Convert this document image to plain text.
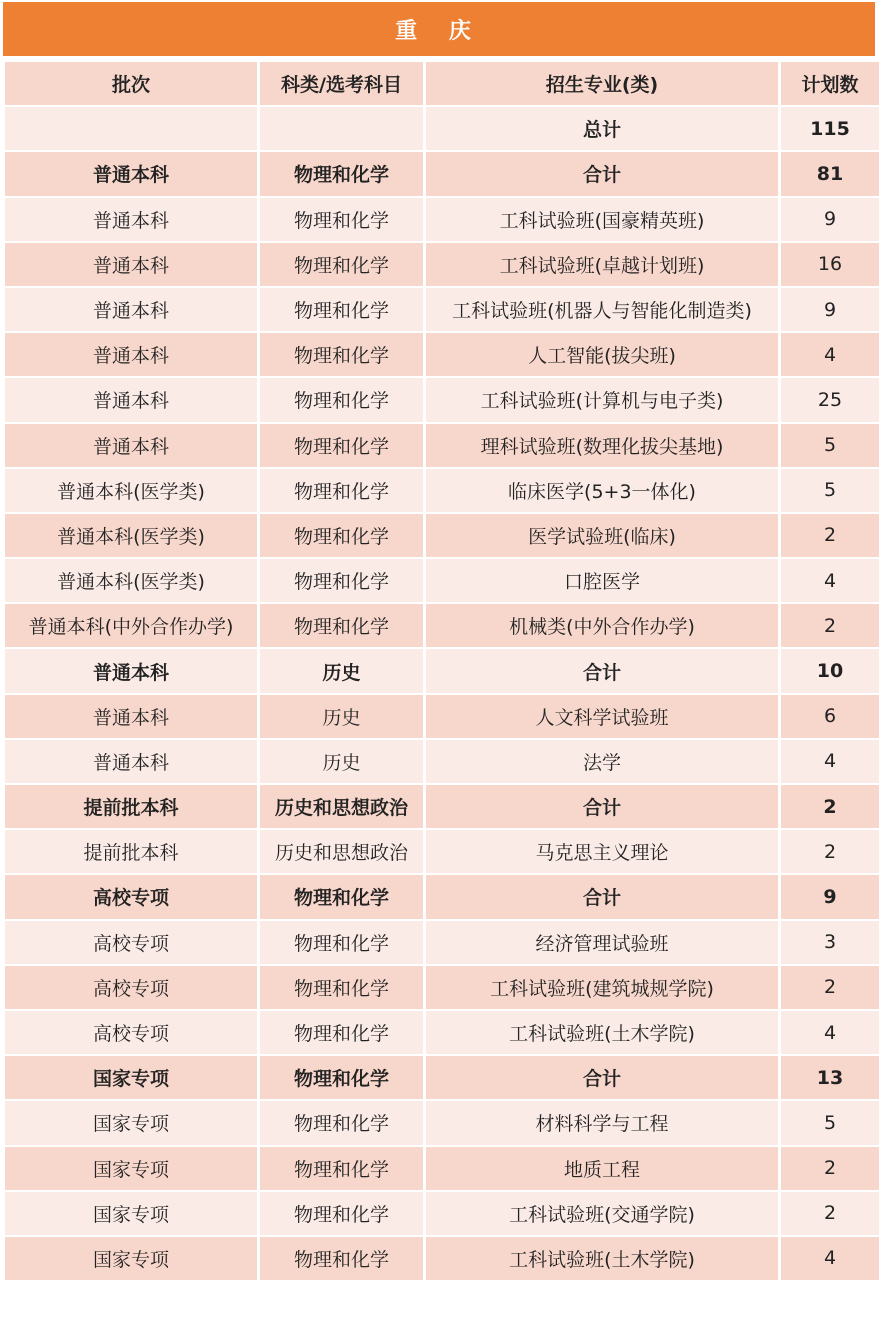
重 庆
批次	科类/选考科目	招生专业(类)	计划数
		总计	115
普通本科	物理和化学	合计	81
普通本科	物理和化学	工科试验班(国豪精英班)	9
普通本科	物理和化学	工科试验班(卓越计划班)	16
普通本科	物理和化学	工科试验班(机器人与智能化制造类)	9
普通本科	物理和化学	人工智能(拔尖班)	4
普通本科	物理和化学	工科试验班(计算机与电子类)	25
普通本科	物理和化学	理科试验班(数理化拔尖基地)	5
普通本科(医学类)	物理和化学	临床医学(5+3一体化)	5
普通本科(医学类)	物理和化学	医学试验班(临床)	2
普通本科(医学类)	物理和化学	口腔医学	4
普通本科(中外合作办学)	物理和化学	机械类(中外合作办学)	2
普通本科	历史	合计	10
普通本科	历史	人文科学试验班	6
普通本科	历史	法学	4
提前批本科	历史和思想政治	合计	2
提前批本科	历史和思想政治	马克思主义理论	2
高校专项	物理和化学	合计	9
高校专项	物理和化学	经济管理试验班	3
高校专项	物理和化学	工科试验班(建筑城规学院)	2
高校专项	物理和化学	工科试验班(土木学院)	4
国家专项	物理和化学	合计	13
国家专项	物理和化学	材料科学与工程	5
国家专项	物理和化学	地质工程	2
国家专项	物理和化学	工科试验班(交通学院)	2
国家专项	物理和化学	工科试验班(土木学院)	4
